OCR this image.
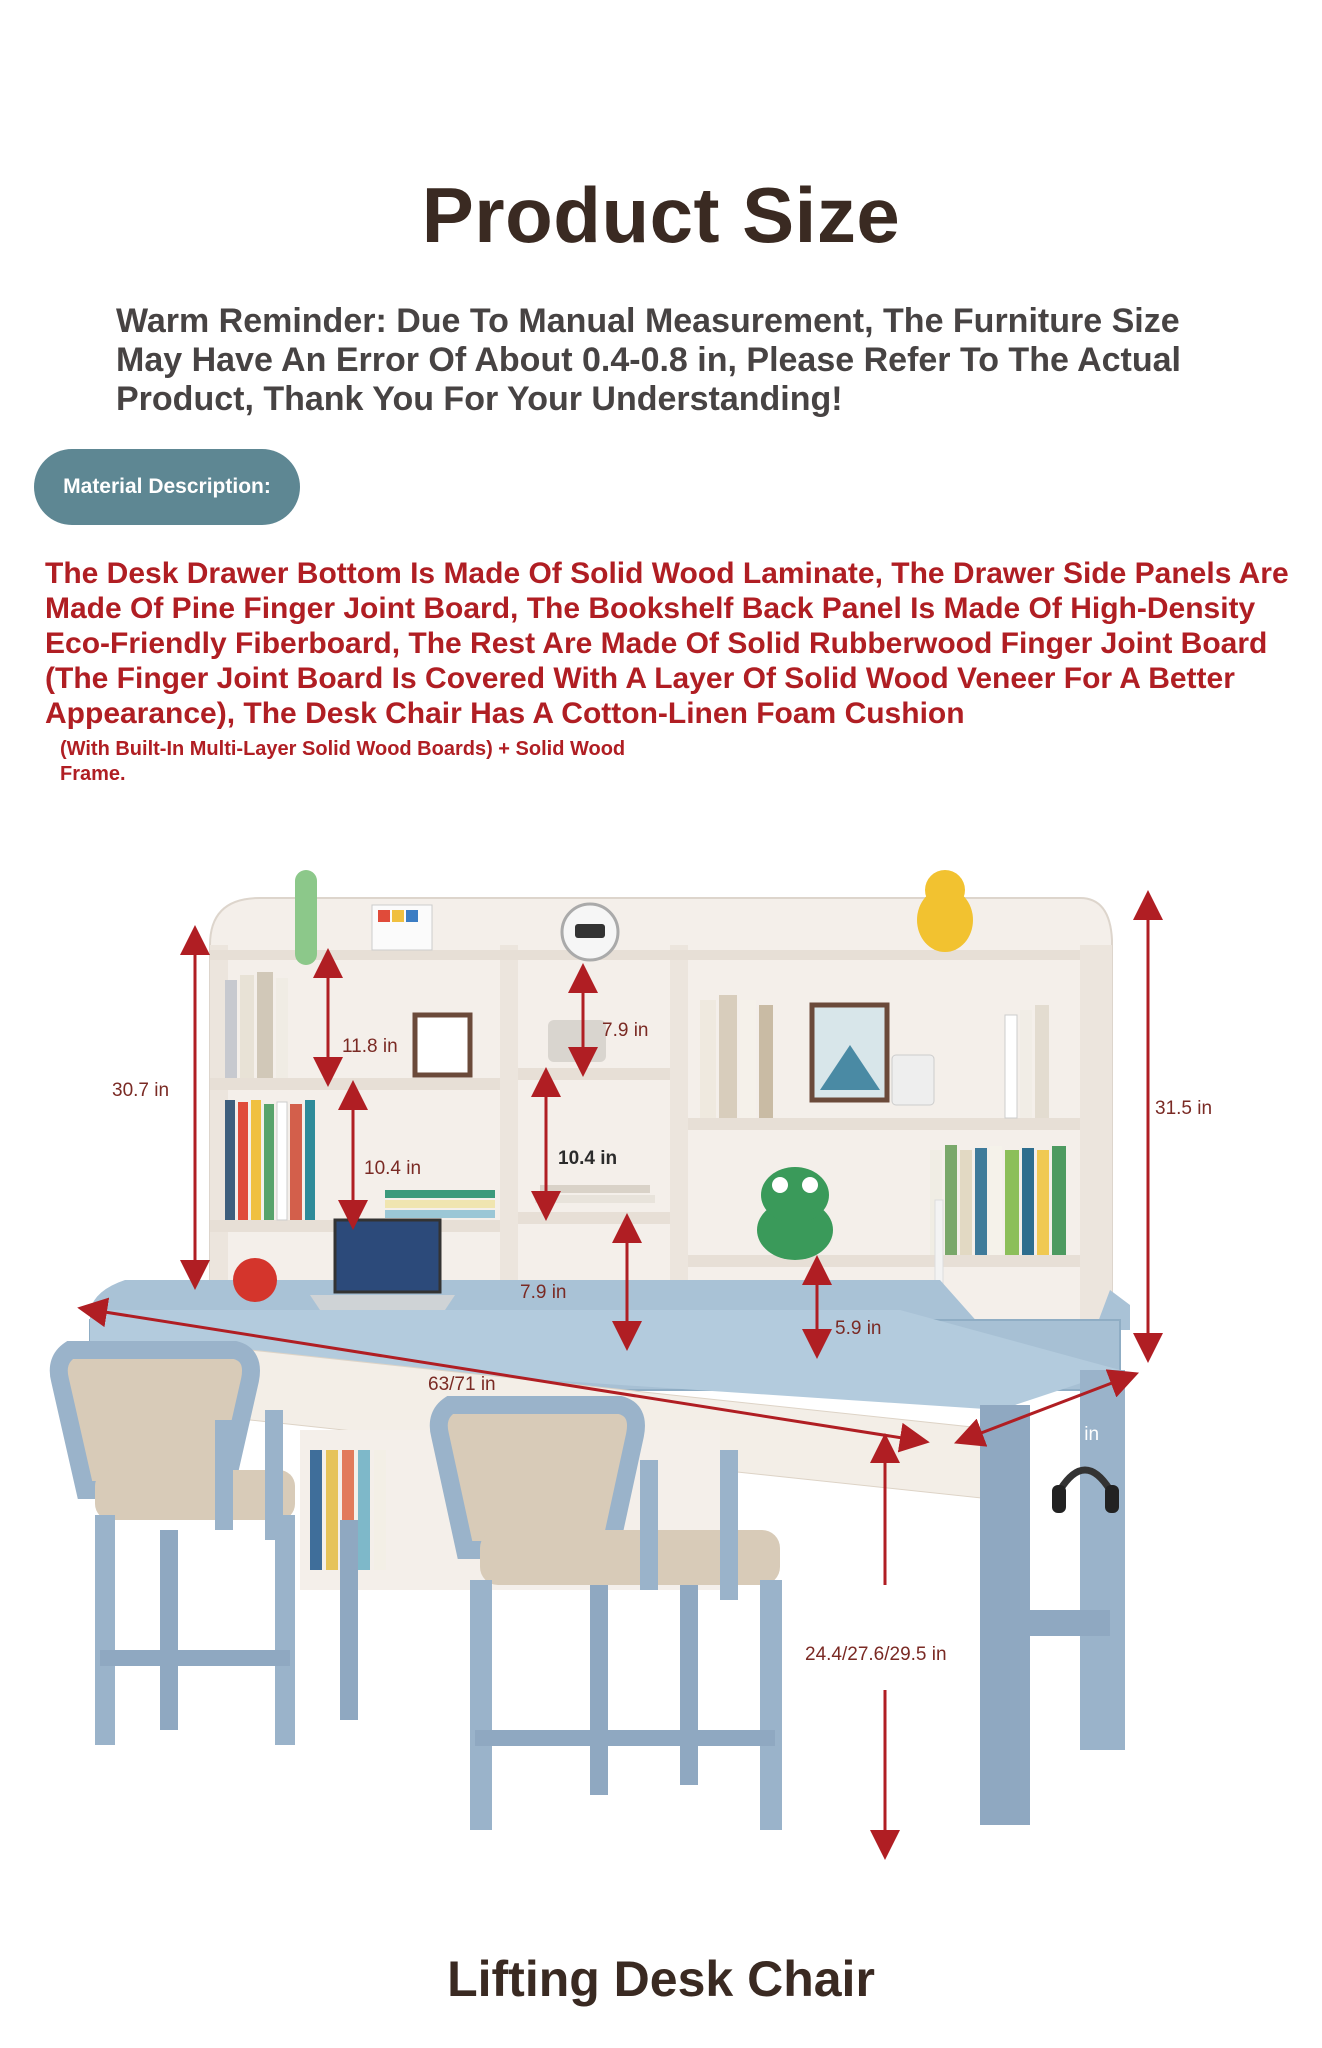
Product Size
Warm Reminder: Due To Manual Measurement, The Furniture Size May Have An Error Of About 0.4-0.8 in, Please Refer To The Actual Product, Thank You For Your Understanding!
Material Description:
The Desk Drawer Bottom Is Made Of Solid Wood Laminate, The Drawer Side Panels Are Made Of Pine Finger Joint Board, The Bookshelf Back Panel Is Made Of High-Density Eco-Friendly Fiberboard, The Rest Are Made Of Solid Rubberwood Finger Joint Board (The Finger Joint Board Is Covered With A Layer Of Solid Wood Veneer For A Better Appearance), The Desk Chair Has A Cotton-Linen Foam Cushion
(With Built-In Multi-Layer Solid Wood Boards) + Solid Wood Frame.
30.7 in
11.8 in
7.9 in
10.4 in	10.4 in
7.9 in
5.9 in
31.5 in
63/71 in
23.6 in
Adjustable Height
24.4/27.6/29.5 in
Lifting Desk Chair
